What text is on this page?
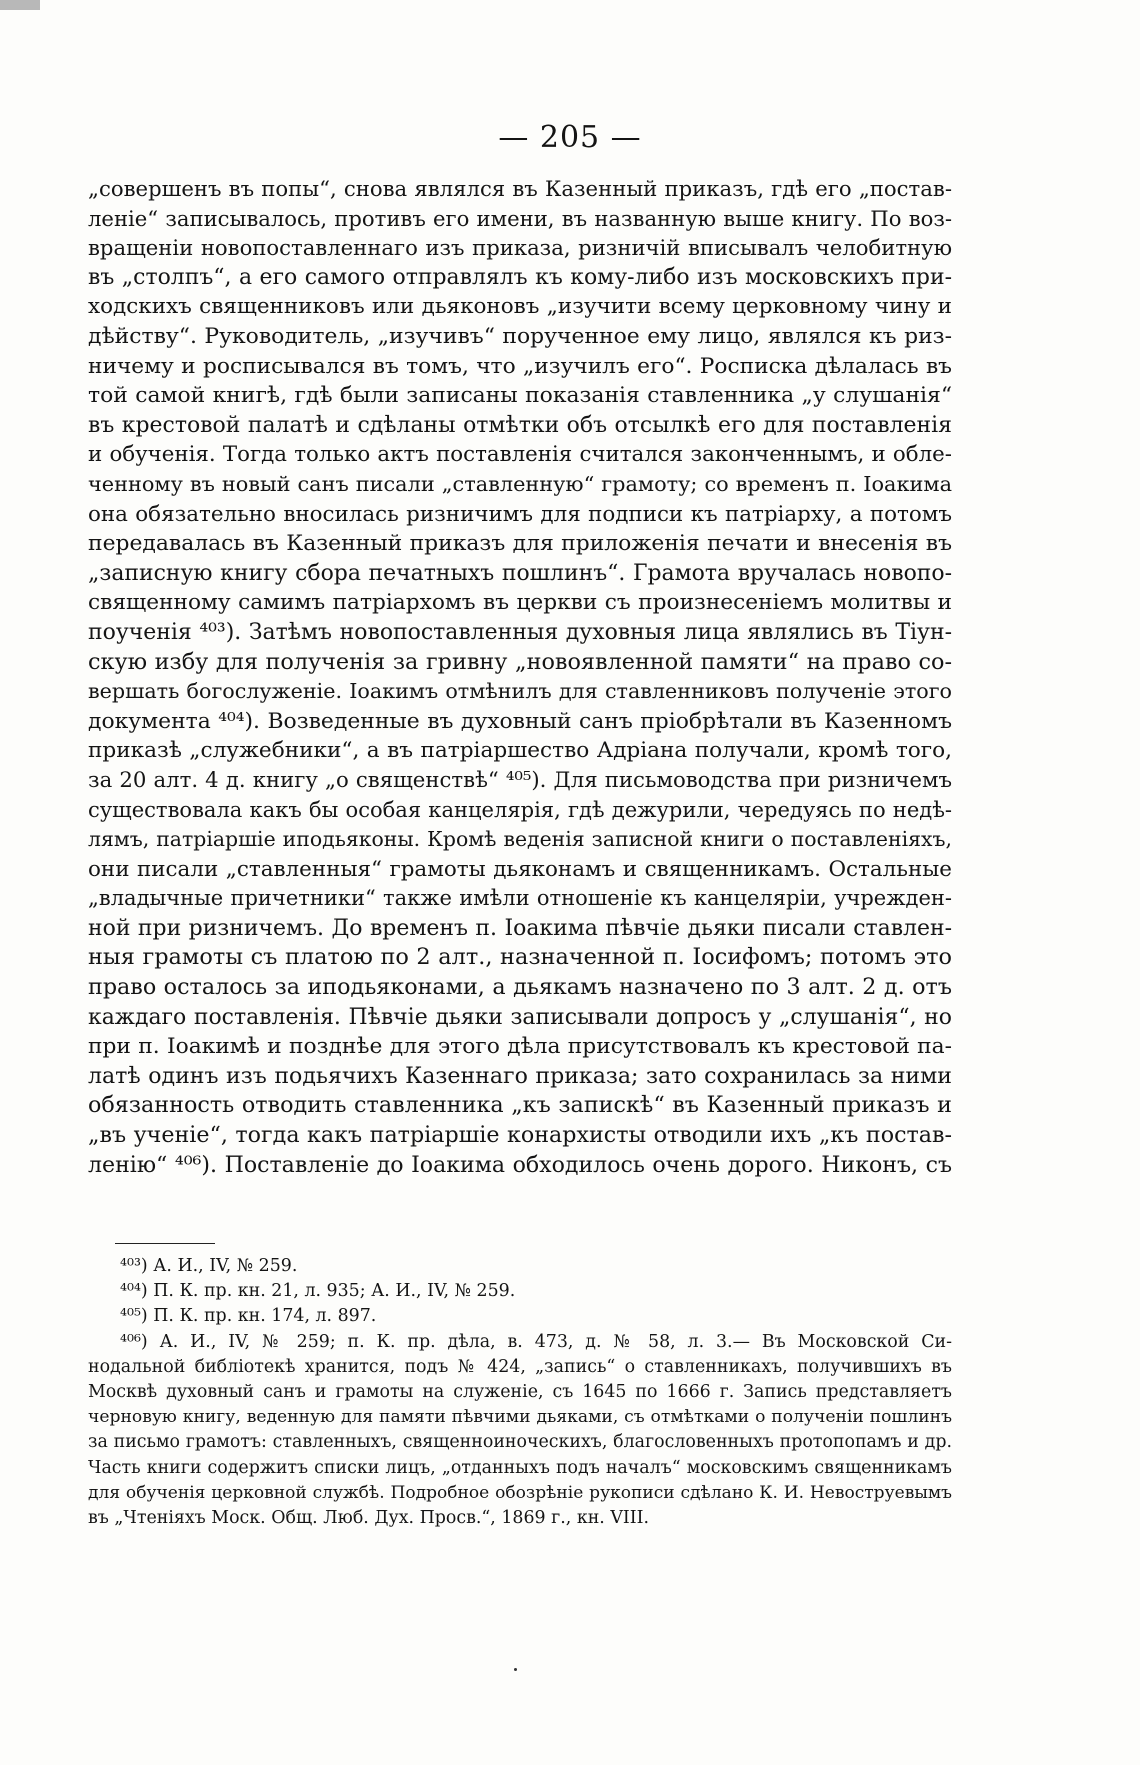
— 205 —
„совершенъ въ попы“, снова являлся въ Казенный приказъ, гдѣ его „постав-
леніе“ записывалось, противъ его имени, въ названную выше книгу. По воз-
вращеніи новопоставленнаго изъ приказа, ризничій вписывалъ челобитную
въ „столпъ“, а его самого отправлялъ къ кому-либо изъ московскихъ при-
ходскихъ священниковъ или дьяконовъ „изучити всему церковному чину и
дѣйству“. Руководитель, „изучивъ“ порученное ему лицо, являлся къ риз-
ничему и росписывался въ томъ, что „изучилъ его“. Росписка дѣлалась въ
той самой книгѣ, гдѣ были записаны показанія ставленника „у слушанія“
въ крестовой палатѣ и сдѣланы отмѣтки объ отсылкѣ его для поставленія
и обученія. Тогда только актъ поставленія считался законченнымъ, и обле-
ченному въ новый санъ писали „ставленную“ грамоту; со временъ п. Іоакима
она обязательно вносилась ризничимъ для подписи къ патріарху, а потомъ
передавалась въ Казенный приказъ для приложенія печати и внесенія въ
„записную книгу сбора печатныхъ пошлинъ“. Грамота вручалась новопо-
священному самимъ патріархомъ въ церкви съ произнесеніемъ молитвы и
поученія ⁴⁰³). Затѣмъ новопоставленныя духовныя лица являлись въ Тіун-
скую избу для полученія за гривну „новоявленной памяти“ на право со-
вершать богослуженіе. Іоакимъ отмѣнилъ для ставленниковъ полученіе этого
документа ⁴⁰⁴). Возведенные въ духовный санъ пріобрѣтали въ Казенномъ
приказѣ „служебники“, а въ патріаршество Адріана получали, кромѣ того,
за 20 алт. 4 д. книгу „о священствѣ“ ⁴⁰⁵). Для письмоводства при ризничемъ
существовала какъ бы особая канцелярія, гдѣ дежурили, чередуясь по недѣ-
лямъ, патріаршіе иподьяконы. Кромѣ веденія записной книги о поставленіяхъ,
они писали „ставленныя“ грамоты дьяконамъ и священникамъ. Остальные
„владычные причетники“ также имѣли отношеніе къ канцеляріи, учрежден-
ной при ризничемъ. До временъ п. Іоакима пѣвчіе дьяки писали ставлен-
ныя грамоты съ платою по 2 алт., назначенной п. Іосифомъ; потомъ это
право осталось за иподьяконами, а дьякамъ назначено по 3 алт. 2 д. отъ
каждаго поставленія. Пѣвчіе дьяки записывали допросъ у „слушанія“, но
при п. Іоакимѣ и позднѣе для этого дѣла присутствовалъ къ крестовой па-
латѣ одинъ изъ подьячихъ Казеннаго приказа; зато сохранилась за ними
обязанность отводить ставленника „къ запискѣ“ въ Казенный приказъ и
„въ ученіе“, тогда какъ патріаршіе конархисты отводили ихъ „къ постав-
ленію“ ⁴⁰⁶). Поставленіе до Іоакима обходилось очень дорого. Никонъ, съ
⁴⁰³) А. И., IV, № 259.
⁴⁰⁴) П. К. пр. кн. 21, л. 935; А. И., IV, № 259.
⁴⁰⁵) П. К. пр. кн. 174, л. 897.
⁴⁰⁶) А. И., IV, № 259; п. К. пр. дѣла, в. 473, д. № 58, л. 3.— Въ Московской Си-
нодальной библіотекѣ хранится, подъ № 424, „запись“ о ставленникахъ, получившихъ въ
Москвѣ духовный санъ и грамоты на служеніе, съ 1645 по 1666 г. Запись представляетъ
черновую книгу, веденную для памяти пѣвчими дьяками, съ отмѣтками о полученіи пошлинъ
за письмо грамотъ: ставленныхъ, священноиноческихъ, благословенныхъ протопопамъ и др.
Часть книги содержитъ списки лицъ, „отданныхъ подъ началъ“ московскимъ священникамъ
для обученія церковной службѣ. Подробное обозрѣніе рукописи сдѣлано К. И. Невоструевымъ
въ „Чтеніяхъ Моск. Общ. Люб. Дух. Просв.“, 1869 г., кн. VIII.
